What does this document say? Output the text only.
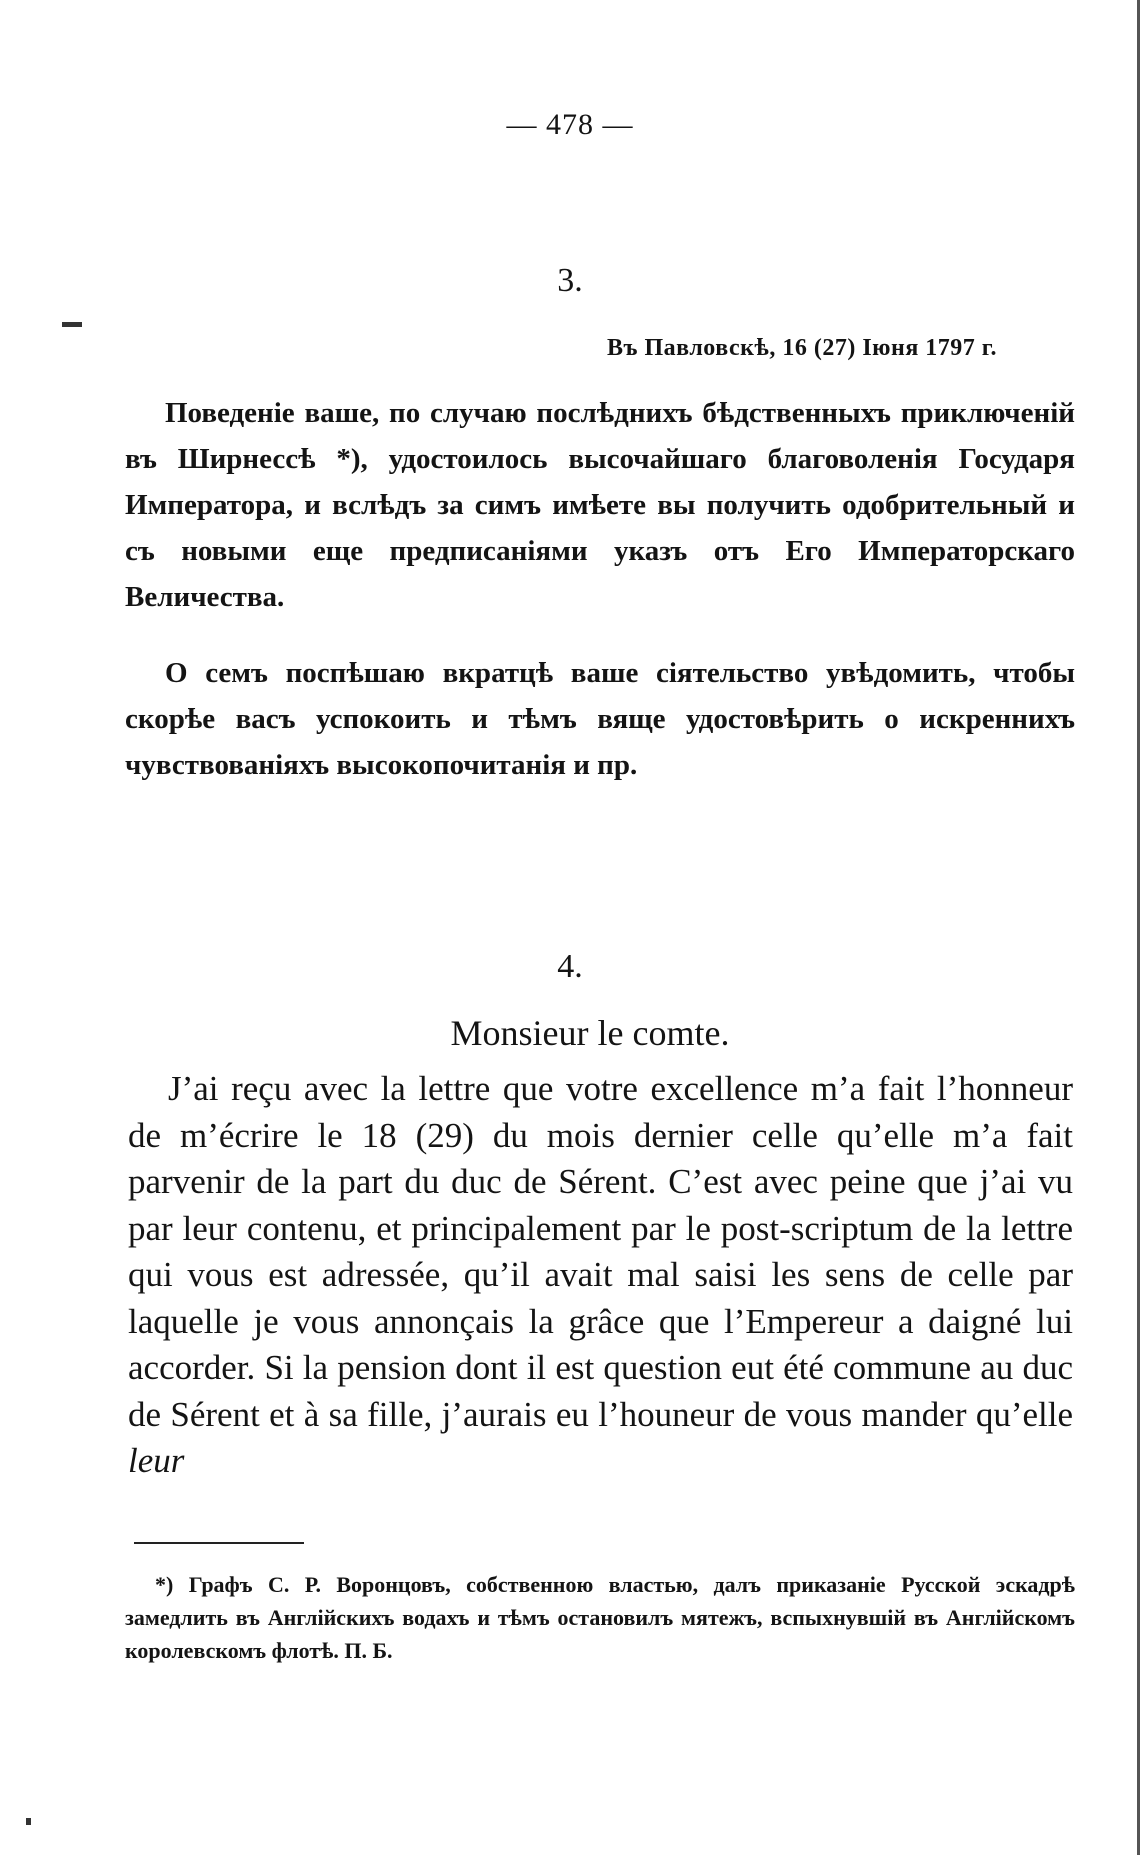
— 478 —
3.
Въ Павловскѣ, 16 (27) Іюня 1797 г.

Поведеніе ваше, по случаю послѣднихъ бѣдственныхъ приключеній въ Ширнессѣ *), удостоилось высочайшаго благоволенія Государя Императора, и вслѣдъ за симъ имѣете вы получить одобрительный и съ новыми еще предписаніями указъ отъ Его Императорскаго Величества.

О семъ поспѣшаю вкратцѣ ваше сіятельство увѣдомить, чтобы скорѣе васъ успокоить и тѣмъ вяще удостовѣрить о искреннихъ чувствованіяхъ высокопочитанія и пр.

4.
Monsieur le comte.

J’ai reçu avec la lettre que votre excellence m’a fait l’honneur de m’écrire le 18 (29) du mois dernier celle qu’elle m’a fait parvenir de la part du duc de Sérent. C’est avec peine que j’ai vu par leur contenu, et principalement par le post-scriptum de la lettre qui vous est adressée, qu’il avait mal saisi les sens de celle par laquelle je vous annonçais la grâce que l’Empereur a daigné lui accorder. Si la pension dont il est question eut été commune au duc de Sérent et à sa fille, j’aurais eu l’houneur de vous mander qu’elle leur

*) Графъ С. Р. Воронцовъ, собственною властью, далъ приказаніе Русской эскадрѣ замедлить въ Англійскихъ водахъ и тѣмъ остановилъ мятежъ, вспыхнувшій въ Англійскомъ королевскомъ флотѣ. П. Б.
